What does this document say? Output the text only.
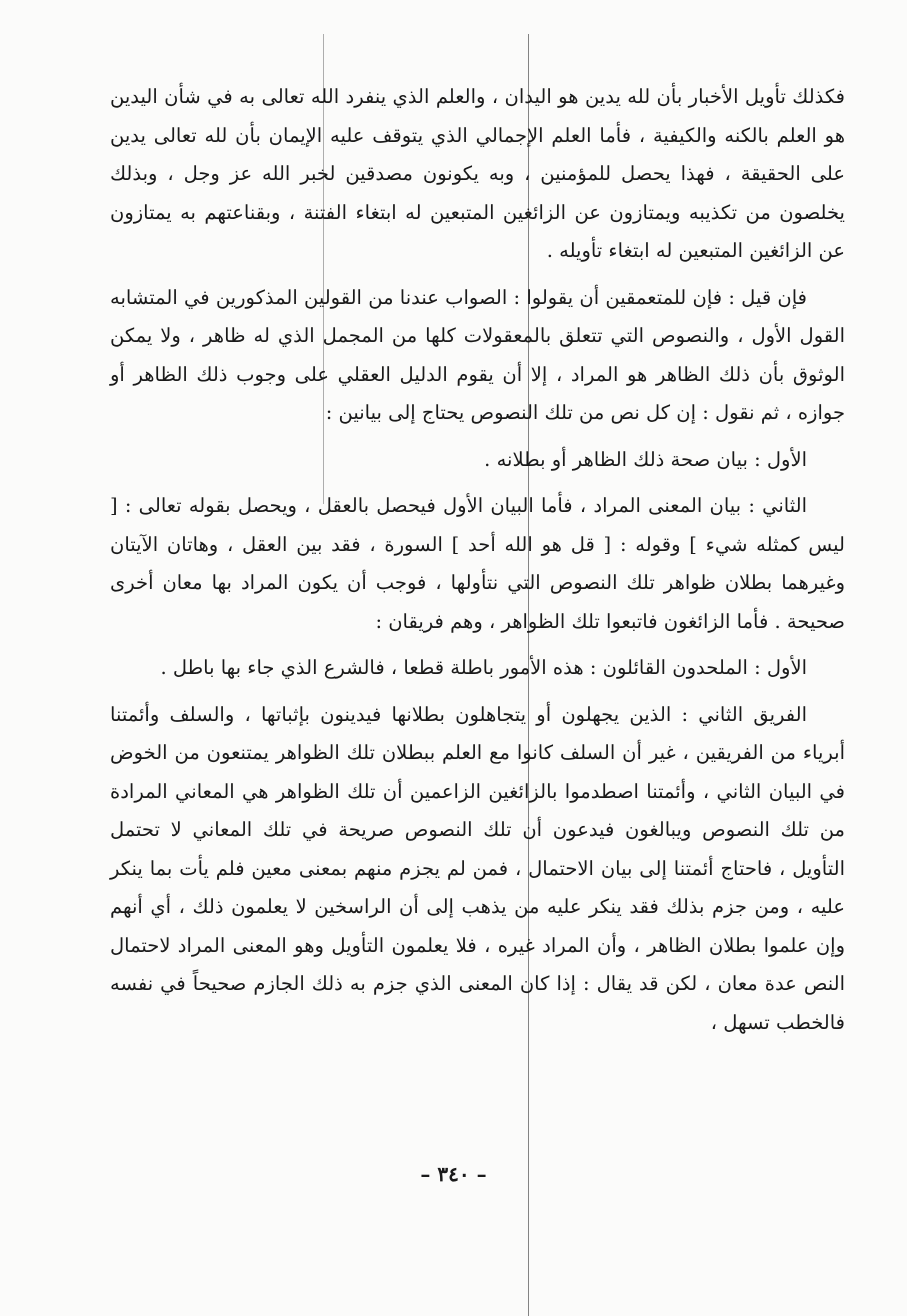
فكذلك تأويل الأخبار بأن لله يدين هو اليدان ، والعلم الذي ينفرد الله تعالى به في شأن اليدين هو العلم بالكنه والكيفية ، فأما العلم الإجمالي الذي يتوقف عليه الإيمان بأن لله تعالى يدين على الحقيقة ، فهذا يحصل للمؤمنين ، وبه يكونون مصدقين لخبر الله عز وجل ، وبذلك يخلصون من تكذيبه ويمتازون عن الزائغين المتبعين له ابتغاء الفتنة ، وبقناعتهم به يمتازون عن الزائغين المتبعين له ابتغاء تأويله .

فإن قيل : فإن للمتعمقين أن يقولوا : الصواب عندنا من القولين المذكورين في المتشابه القول الأول ، والنصوص التي تتعلق بالمعقولات كلها من المجمل الذي له ظاهر ، ولا يمكن الوثوق بأن ذلك الظاهر هو المراد ، إلا أن يقوم الدليل العقلي على وجوب ذلك الظاهر أو جوازه ، ثم نقول : إن كل نص من تلك النصوص يحتاج إلى بيانين :

الأول : بيان صحة ذلك الظاهر أو بطلانه .

الثاني : بيان المعنى المراد ، فأما البيان الأول فيحصل بالعقل ، ويحصل بقوله تعالى : [ ليس كمثله شيء ] وقوله : [ قل هو الله أحد ] السورة ، فقد بين العقل ، وهاتان الآيتان وغيرهما بطلان ظواهر تلك النصوص التي نتأولها ، فوجب أن يكون المراد بها معان أخرى صحيحة . فأما الزائغون فاتبعوا تلك الظواهر ، وهم فريقان :

الأول : الملحدون القائلون : هذه الأمور باطلة قطعا ، فالشرع الذي جاء بها باطل .

الفريق الثاني : الذين يجهلون أو يتجاهلون بطلانها فيدينون بإثباتها ، والسلف وأئمتنا أبرياء من الفريقين ، غير أن السلف كانوا مع العلم ببطلان تلك الظواهر يمتنعون من الخوض في البيان الثاني ، وأئمتنا اصطدموا بالزائغين الزاعمين أن تلك الظواهر هي المعاني المرادة من تلك النصوص ويبالغون فيدعون أن تلك النصوص صريحة في تلك المعاني لا تحتمل التأويل ، فاحتاج أئمتنا إلى بيان الاحتمال ، فمن لم يجزم منهم بمعنى معين فلم يأت بما ينكر عليه ، ومن جزم بذلك فقد ينكر عليه من يذهب إلى أن الراسخين لا يعلمون ذلك ، أي أنهم وإن علموا بطلان الظاهر ، وأن المراد غيره ، فلا يعلمون التأويل وهو المعنى المراد لاحتمال النص عدة معان ، لكن قد يقال : إذا كان المعنى الذي جزم به ذلك الجازم صحيحاً في نفسه فالخطب تسهل ،

– ٣٤٠ –
